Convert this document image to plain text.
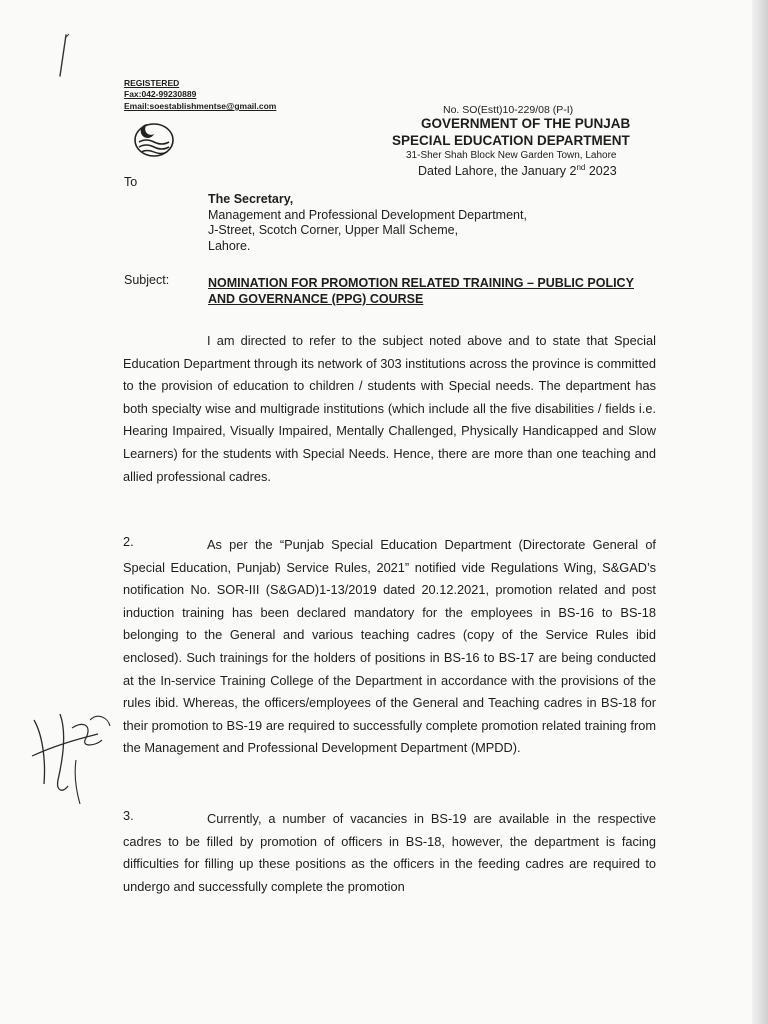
REGISTERED
Fax:042-99230889
Email:soestablishmentse@gmail.com	No. SO(Estt)10-229/08 (P-I)
GOVERNMENT OF THE PUNJAB
SPECIAL EDUCATION DEPARTMENT
31-Sher Shah Block New Garden Town, Lahore
Dated Lahore, the January 2nd 2023
To
The Secretary,
Management and Professional Development Department,
J-Street, Scotch Corner, Upper Mall Scheme,
Lahore.
Subject:	NOMINATION FOR PROMOTION RELATED TRAINING – PUBLIC POLICY
AND GOVERNANCE (PPG) COURSE
I am directed to refer to the subject noted above and to state that Special Education Department through its network of 303 institutions across the province is committed to the provision of education to children / students with Special needs. The department has both specialty wise and multigrade institutions (which include all the five disabilities / fields i.e. Hearing Impaired, Visually Impaired, Mentally Challenged, Physically Handicapped and Slow Learners) for the students with Special Needs. Hence, there are more than one teaching and allied professional cadres.
2.	As per the “Punjab Special Education Department (Directorate General of Special Education, Punjab) Service Rules, 2021” notified vide Regulations Wing, S&GAD’s notification No. SOR-III (S&GAD)1-13/2019 dated 20.12.2021, promotion related and post induction training has been declared mandatory for the employees in BS-16 to BS-18 belonging to the General and various teaching cadres (copy of the Service Rules ibid enclosed). Such trainings for the holders of positions in BS-16 to BS-17 are being conducted at the In-service Training College of the Department in accordance with the provisions of the rules ibid. Whereas, the officers/employees of the General and Teaching cadres in BS-18 for their promotion to BS-19 are required to successfully complete promotion related training from the Management and Professional Development Department (MPDD).
3.	Currently, a number of vacancies in BS-19 are available in the respective cadres to be filled by promotion of officers in BS-18, however, the department is facing difficulties for filling up these positions as the officers in the feeding cadres are required to undergo and successfully complete the promotion
